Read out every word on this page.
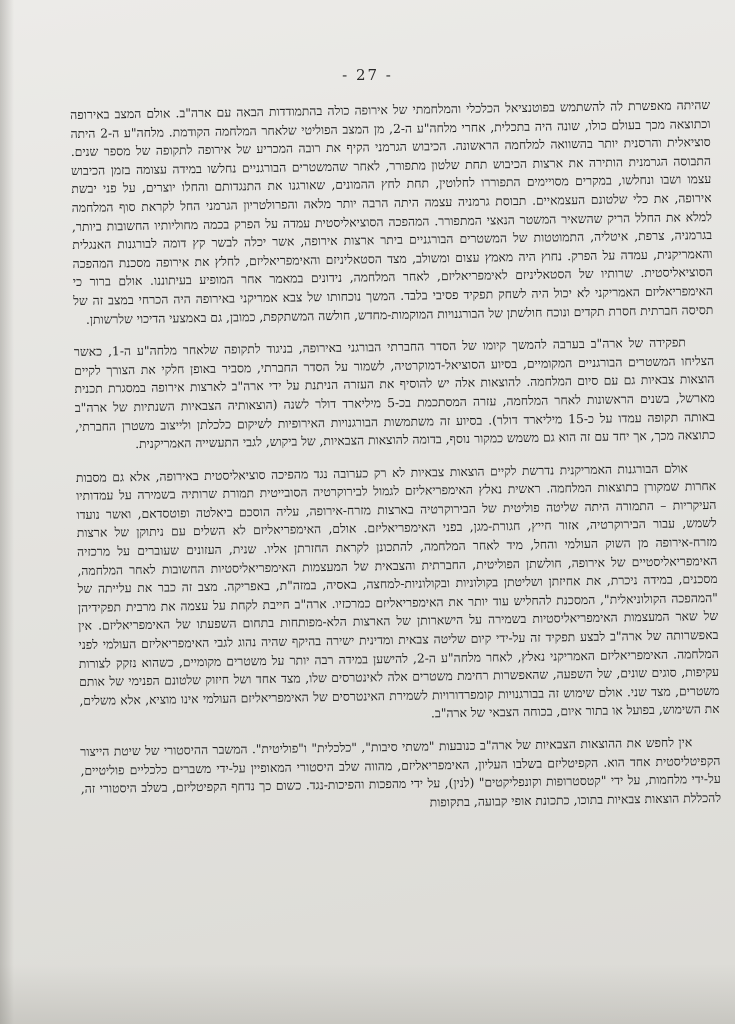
- 27 -

שהיתה מאפשרת לה להשתמש בפוטנציאל הכלכלי והמלחמתי של אירופה כולה בהתמודדות הבאה עם ארה"ב. אולם המצב באירופה וכתוצאה מכך בעולם כולו, שונה היה בתכלית, אחרי מלחה"ע ה-2, מן המצב הפוליטי שלאחר המלחמה הקודמת. מלחה"ע ה-2 היתה סוציאלית והרסנית יותר בהשוואה למלחמה הראשונה. הכיבוש הגרמני הקיף את רובה המכריע של אירופה לתקופה של מספר שנים. התבוסה הגרמנית הותירה את ארצות הכיבוש תחת שלטון מתפורר, לאחר שהמשטרים הבורגניים נחלשו במידה עצומה בזמן הכיבוש עצמו ושבו ונחלשו, במקרים מסויימים התפוררו לחלוטין, תחת לחץ ההמונים, שאורגנו את התנגדותם והחלו יוצרים, על פני יבשת אירופה, את כלי שלטונם העצמאיים. תבוסת גרמניה עצמה היתה הרבה יותר מלאה והפרולטריון הגרמני החל לקראת סוף המלחמה למלא את החלל הריק שהשאיר המשטר הנאצי המתפורר. המהפכה הסוציאליסטית עמדה על הפרק בכמה מחוליותיו החשובות ביותר, בגרמניה, צרפת, איטליה, התמוטטות של המשטרים הבורגניים ביתר ארצות אירופה, אשר יכלה לבשר קץ דומה לבורגנות האנגלית והאמריקנית, עמדה על הפרק. נחוץ היה מאמץ עצום ומשולב, מצד הסטאליניזם והאימפריאליזם, לחלץ את אירופה מסכנת המהפכה הסוציאליסטית. שרותיו של הסטאליניזם לאימפריאליזם, לאחר המלחמה, נידונים במאמר אחר המופיע בעיתוננו. אולם ברור כי האימפריאליזם האמריקני לא יכול היה לשחק תפקיד פסיבי בלבד. המשך נוכחותו של צבא אמריקני באירופה היה הכרחי במצב זה של תסיסה חברתית חסרת תקדים ונוכח חולשתן של הבורגנויות המוקמות-מחדש, חולשה המשתקפת, כמובן, גם באמצעי הדיכוי שלרשותן.

תפקידה של ארה"ב בערבה להמשך קיומו של הסדר החברתי הבורגני באירופה, בניגוד לתקופה שלאחר מלחה"ע ה-1, כאשר הצליחו המשטרים הבורגניים המקומיים, בסיוע הסוציאל-דמוקרטיה, לשמור על הסדר החברתי, מסביר באופן חלקי את הצורך לקיים הוצאות צבאיות גם עם סיום המלחמה. להוצאות אלה יש להוסיף את העזרה הניתנת על ידי ארה"ב לארצות אירופה במסגרת תכנית מארשל, בשנים הראשונות לאחר המלחמה, עזרה המסתכמת בכ-5 מיליארד דולר לשנה (הוצאותיה הצבאיות השנתיות של ארה"ב באותה תקופה עמדו על כ-15 מיליארד דולר). בסיוע זה משתמשות הבורגנויות האירופיות לשיקום כלכלתן ולייצוב משטרן החברתי, כתוצאה מכך, אך יחד עם זה הוא גם משמש כמקור נוסף, בדומה להוצאות הצבאיות, של ביקוש, לגבי התעשייה האמריקנית.

אולם הבורגנות האמריקנית נדרשת לקיים הוצאות צבאיות לא רק כערובה נגד מהפיכה סוציאליסטית באירופה, אלא גם מסבות אחרות שמקורן בתוצאות המלחמה. ראשית נאלץ האימפריאליזם לגמול לבירוקרטיה הסובייטית תמורת שרותיה בשמירה על עמדותיו העיקריות – התמורה היתה שליטה פוליטית של הבירוקרטיה בארצות מזרח-אירופה, עליה הוסכם ביאלטה ופוטסדאם, ואשר נועדו לשמש, עבור הבירוקרטיה, אזור חייץ, חגורת-מגן, בפני האימפריאליזם. אולם, האימפריאליזם לא השלים עם ניתוקן של ארצות מזרח-אירופה מן השוק העולמי והחל, מיד לאחר המלחמה, להתכונן לקראת החזרתן אליו. שנית, העזונים שעוברים על מרכזיה האימפריאליסטיים של אירופה, חולשתן הפוליטית, החברתית והצבאית של המעצמות האימפריאליסטיות החשובות לאחר המלחמה, מסכנים, במידה ניכרת, את אחיזתן ושליטתן בקולוניות ובקולוניות-למחצה, באסיה, במזה"ת, באפריקה. מצב זה כבר את עלייתה של "המהפכה הקולוניאלית", המסכנת להחליש עוד יותר את האימפריאליזם כמרכזיו. ארה"ב חייבת לקחת על עצמה את מרבית תפקידיהן של שאר המעצמות האימפריאליסטיות בשמירה על הישארותן של הארצות הלא-מפותחות בתחום השפעתו של האימפריאליזם. אין באפשרותה של ארה"ב לבצע תפקיד זה על-ידי קיום שליטה צבאית ומדינית ישירה בהיקף שהיה נהוג לגבי האימפריאליזם העולמי לפני המלחמה. האימפריאליזם האמריקני נאלץ, לאחר מלחה"ע ה-2, להישען במידה רבה יותר על משטרים מקומיים, כשהוא נזקק לצורות עקיפות, סוגים שונים, של השפעה, שהאפשרות רחימת משטרים אלה לאינטרסים שלו, מצד אחד ושל חיזוק שלטונם הפנימי של אותם משטרים, מצד שני. אולם שימוש זה בבורגנויות קומפרדורויות לשמירת האינטרסים של האימפריאליזם העולמי אינו מוציא, אלא משלים, את השימוש, בפועל או בתור איום, בכוחה הצבאי של ארה"ב.

אין לחפש את ההוצאות הצבאיות של ארה"ב כנובעות "משתי סיבות", "כלכלית" ו"פוליטית". המשבר ההיסטורי של שיטת הייצור הקפיטליסטית אחד הוא. הקפיטליזם בשלבו העליון, האימפריאליזם, מהווה שלב היסטורי המאופיין על-ידי משברים כלכליים פוליטיים, על-ידי מלחמות, על ידי "קטסטרופות וקונפליקטים" (לנין), על ידי מהפכות והפיכות-נגד. כשום כך נדחף הקפיטליזם, בשלב היסטורי זה, להכללת הוצאות צבאיות בתוכו, כתכונת אופי קבועה, בתקופות
